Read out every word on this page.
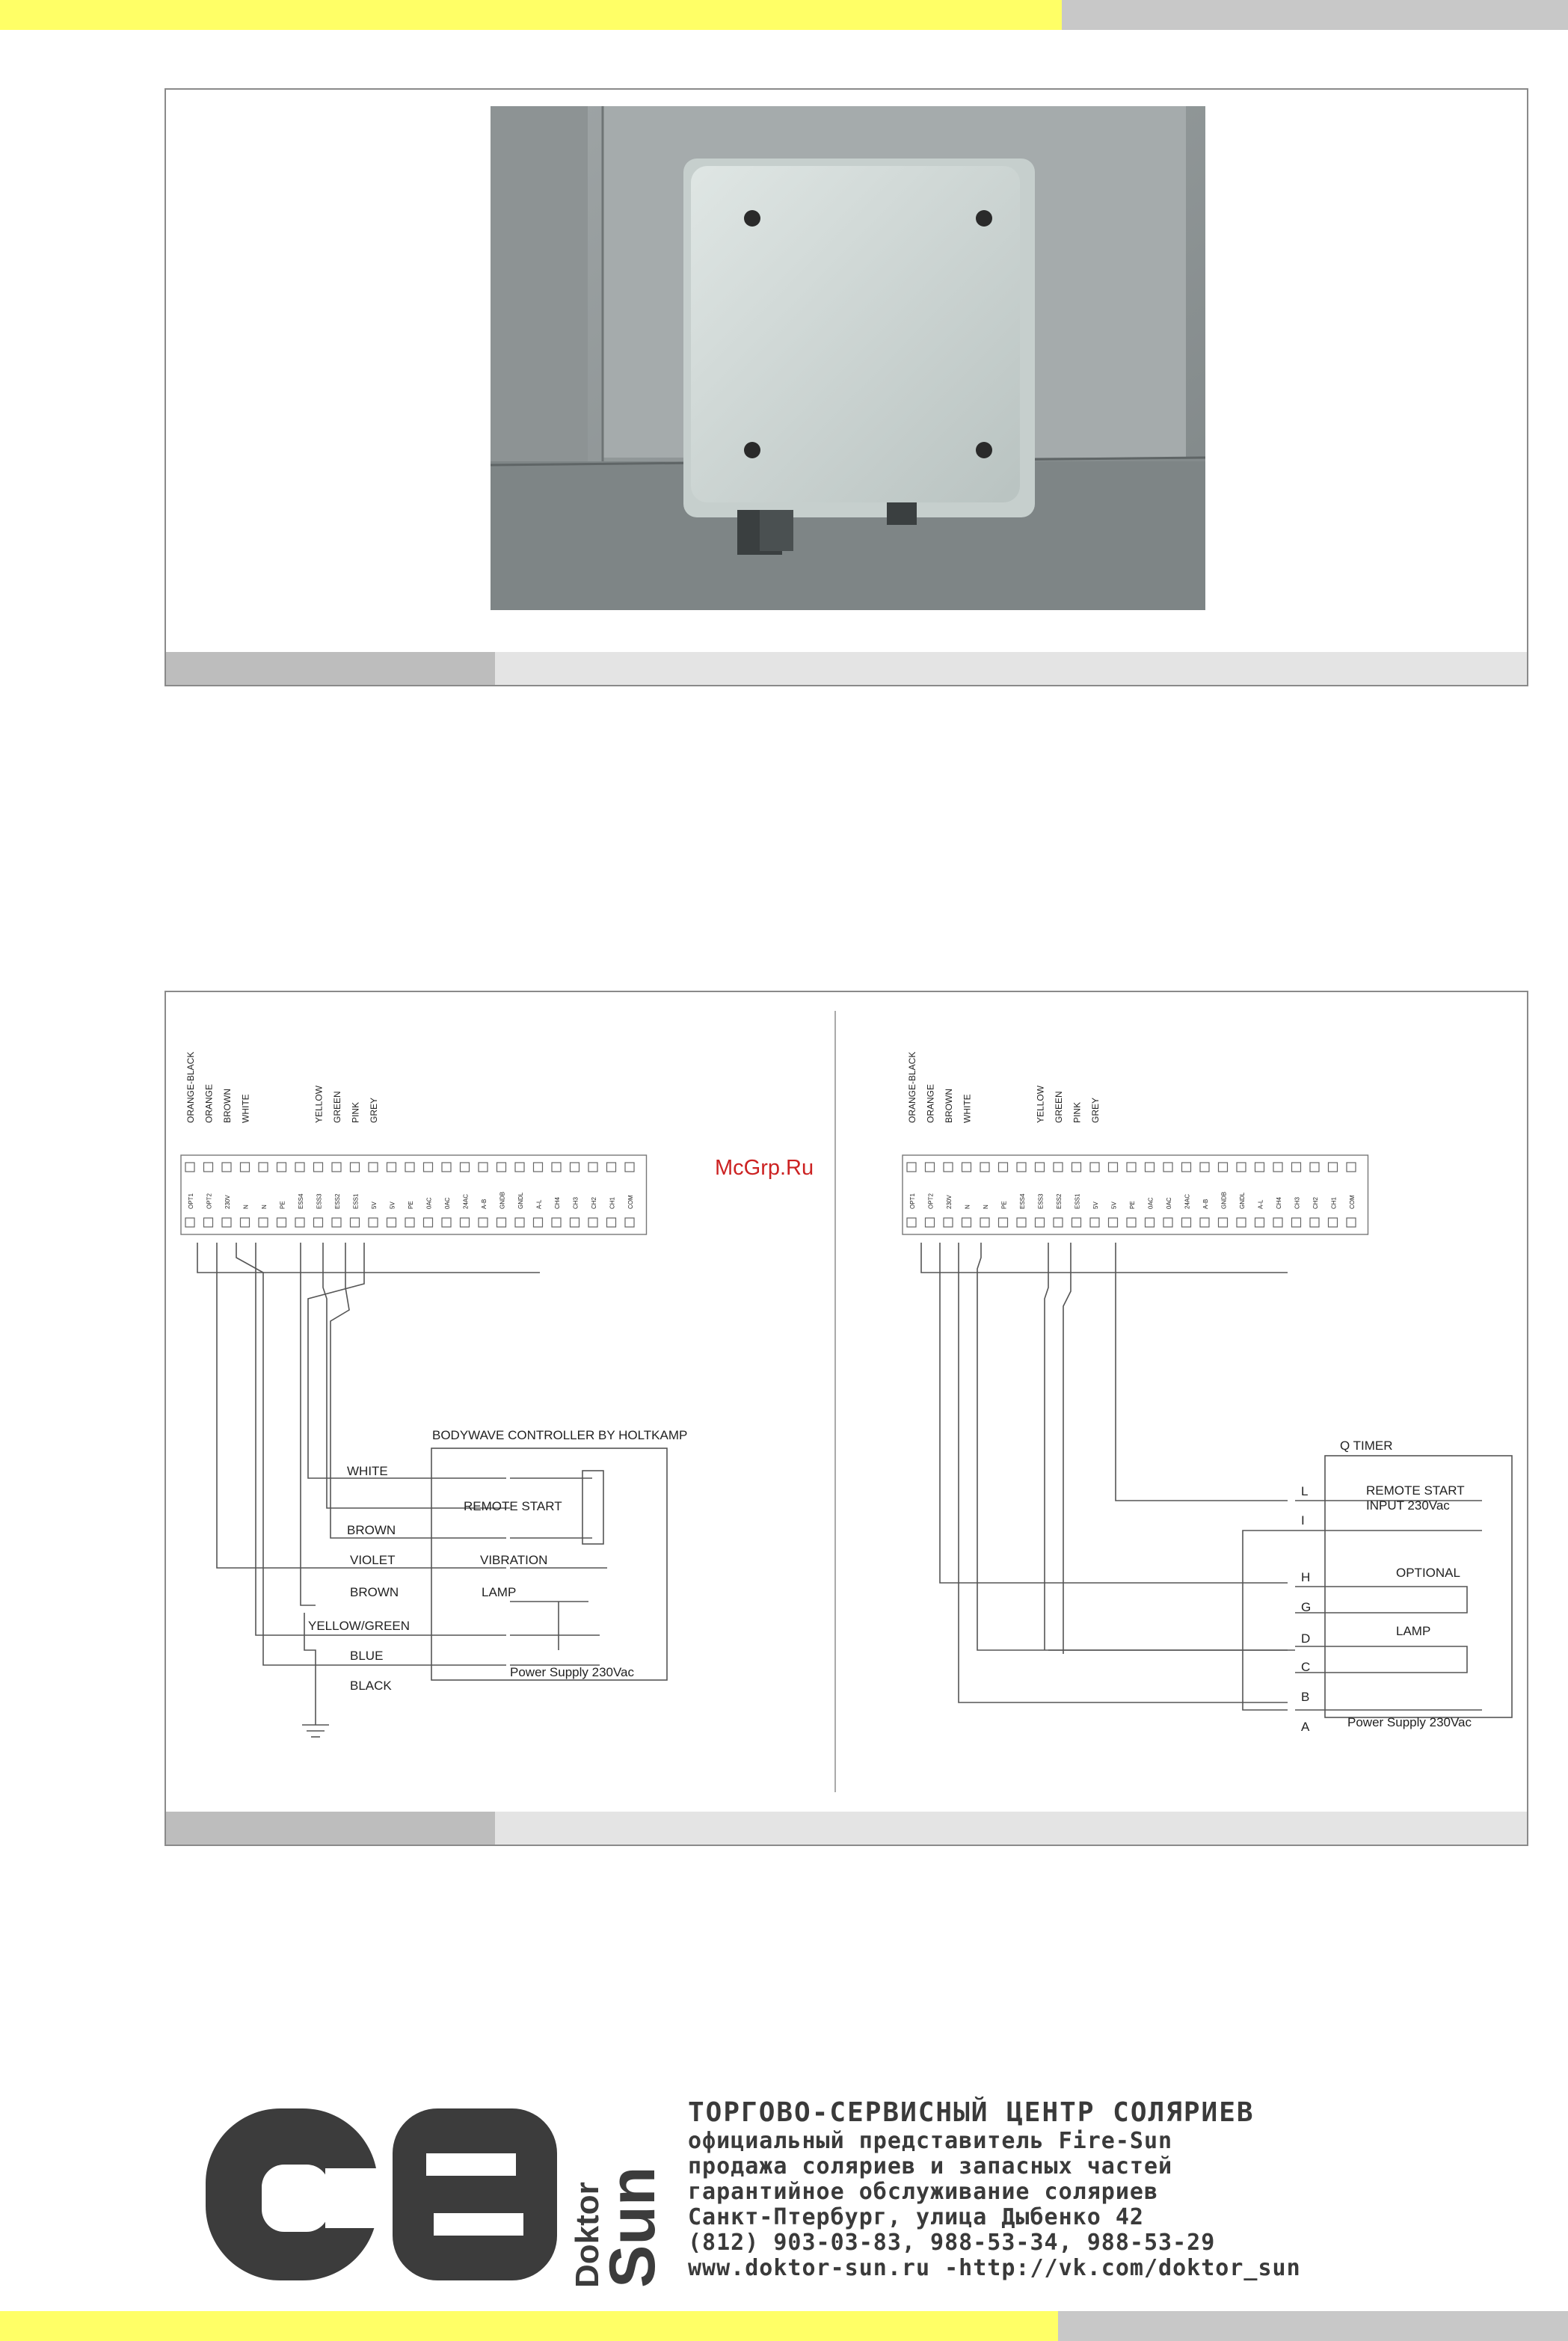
ORANGE-BLACK ORANGE BROWN WHITE	YELLOW GREEN PINK GREY
OPT1 OPT2 230V N N PE ESS4 ESS3 ESS2 ESS1 5V 5V PE 0AC 0AC 24AC A-B GNDB GNDL A-L CH4 CH3 CH2 CH1 COM
ORANGE-BLACK ORANGE BROWN WHITE	YELLOW GREEN PINK GREY
OPT1 OPT2 230V N N PE ESS4 ESS3 ESS2 ESS1 5V 5V PE 0AC 0AC 24AC A-B GNDB GNDL A-L CH4 CH3 CH2 CH1 COM
BODYWAVE CONTROLLER BY HOLTKAMP
REMOTE START
VIBRATION
LAMP
Power Supply 230Vac
WHITE
BROWN
VIOLET
BROWN
YELLOW/GREEN
BLUE
BLACK
Q TIMER
REMOTE START
INPUT 230Vac
OPTIONAL
LAMP
Power Supply 230Vac
L
I
H
G
D
C
B
A
McGrp.Ru
Doktor
Sun
ТОРГОВО-СЕРВИСНЫЙ ЦЕНТР СОЛЯРИЕВ
официальный представитель Fire-Sun
продажа соляриев и запасных частей
гарантийное обслуживание соляриев
Санкт-Птербург, улица Дыбенко 42
(812) 903-03-83, 988-53-34, 988-53-29
www.doktor-sun.ru -http://vk.com/doktor_sun
